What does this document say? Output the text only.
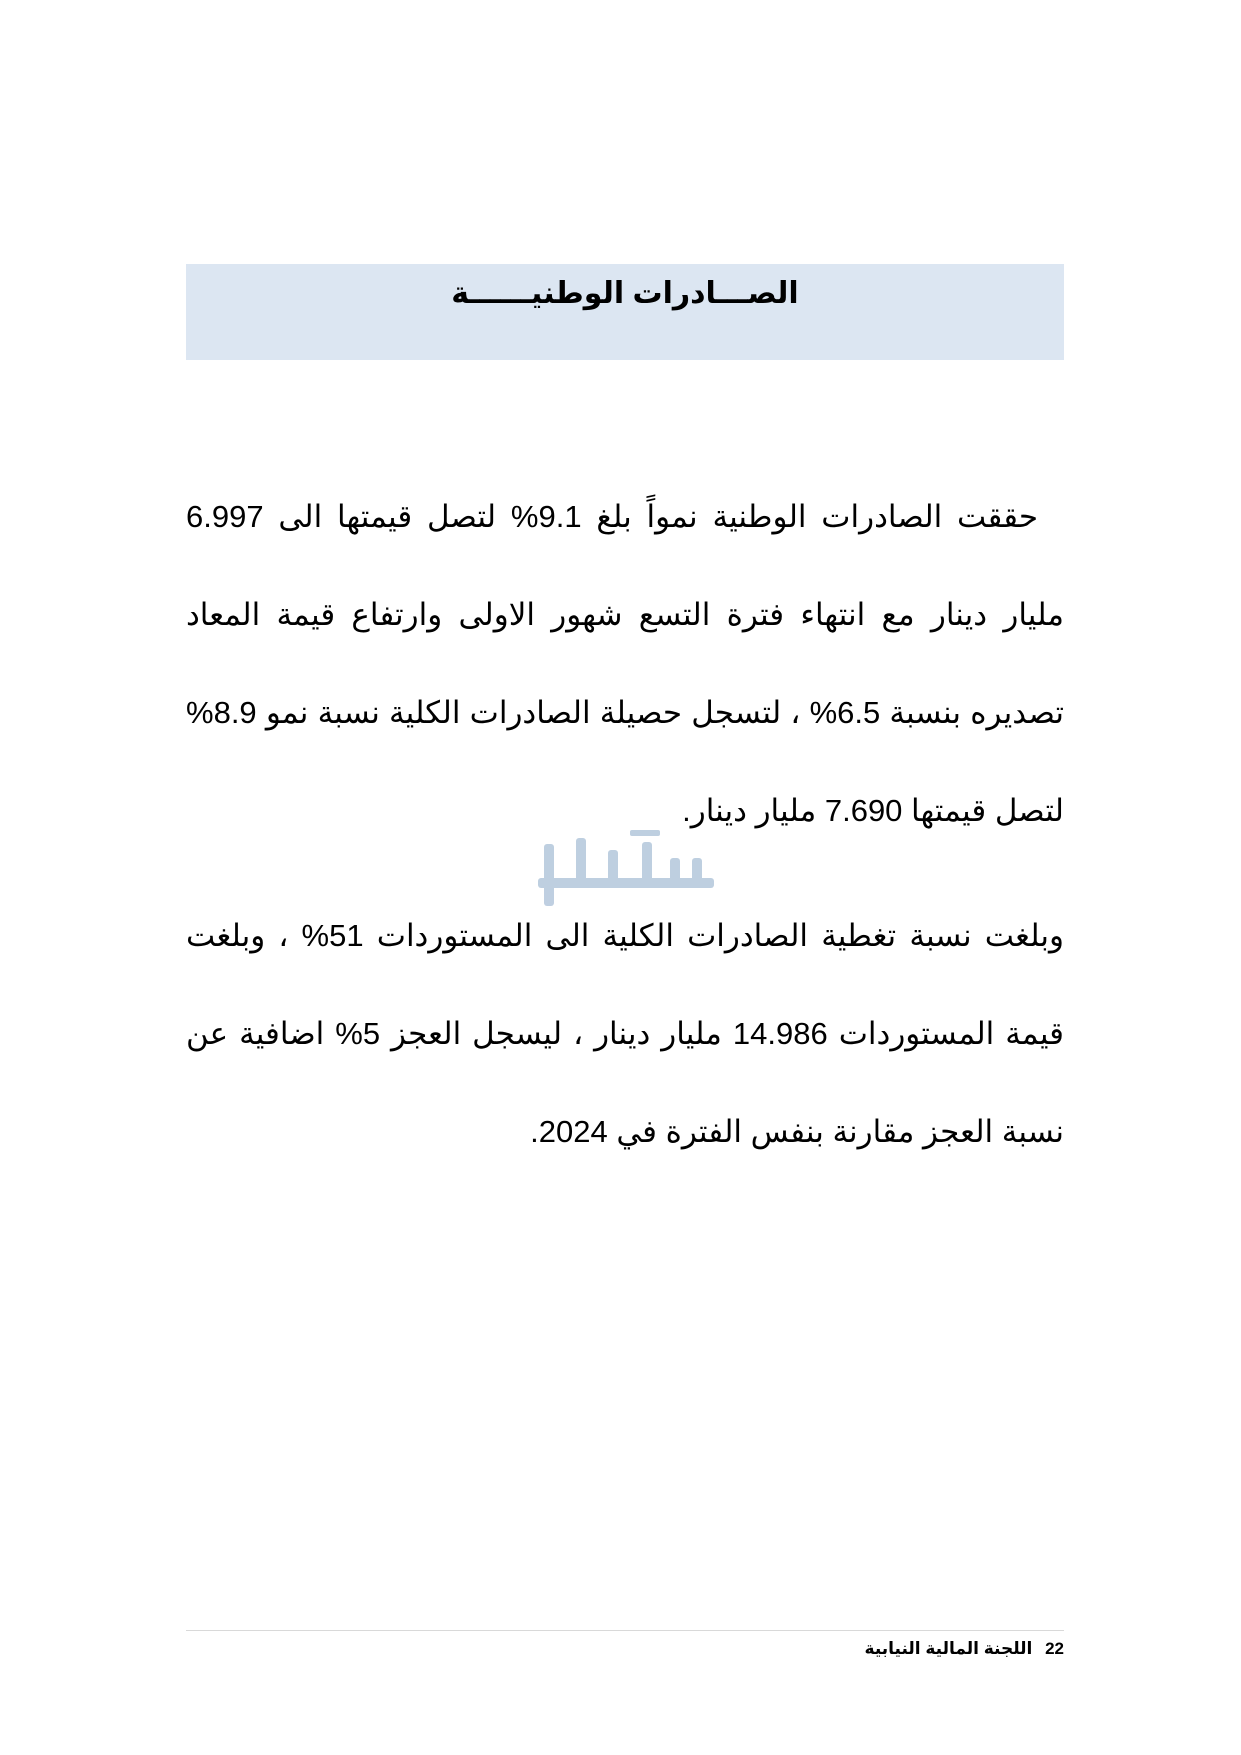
الصـــادرات الوطنيــــــة

حققت الصادرات الوطنية نمواً بلغ 9.1% لتصل قيمتها الى 6.997 مليار دينار مع انتهاء فترة التسع شهور الاولى وارتفاع قيمة المعاد تصديره بنسبة 6.5% ، لتسجل حصيلة الصادرات الكلية نسبة نمو 8.9% لتصل قيمتها 7.690 مليار دينار.

وبلغت نسبة تغطية الصادرات الكلية الى المستوردات 51% ، وبلغت قيمة المستوردات 14.986 مليار دينار ، ليسجل العجز 5% اضافية عن نسبة العجز مقارنة بنفس الفترة في 2024.

22 اللجنة المالية النيابية
